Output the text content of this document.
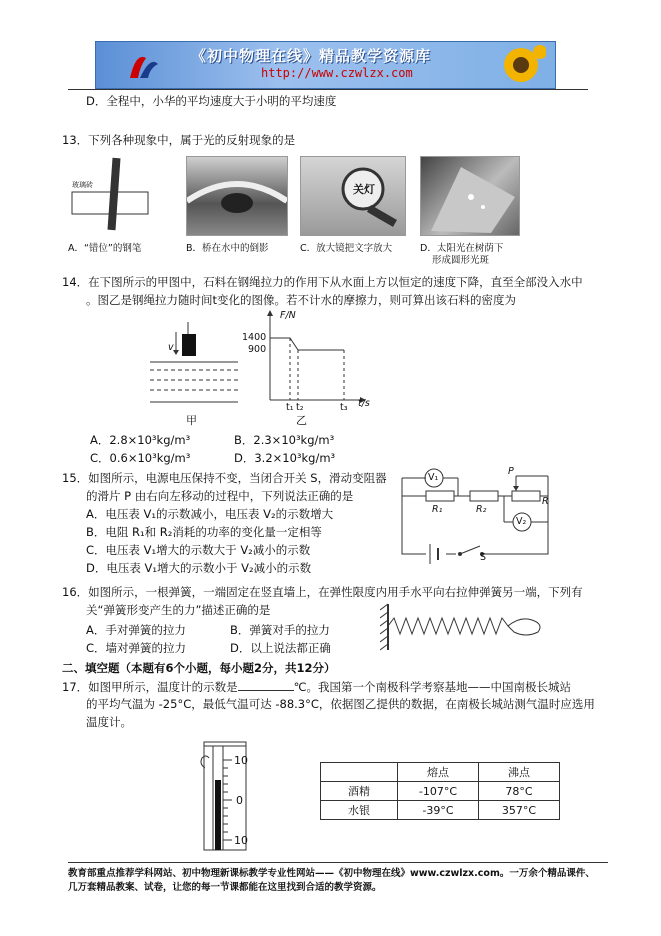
《初中物理在线》精品教学资源库
http://www.czwlzx.com
D．全程中，小华的平均速度大于小明的平均速度
13．下列各种现象中，属于光的反射现象的是
玻璃砖	关灯
A．“错位”的钢笔	B．桥在水中的倒影	C．放大镜把文字放大	D．太阳光在树荫下
形成圆形光斑
14．在下图所示的甲图中，石料在钢绳拉力的作用下从水面上方以恒定的速度下降，直至全部没入水中
。图乙是钢绳拉力随时间t变化的图像。若不计水的摩擦力，则可算出该石料的密度为
v
甲
F/N
t/s
1400
900
t₁ t₂	t₃
乙
A．2.8×10³kg/m³	B．2.3×10³kg/m³
C．0.6×10³kg/m³	D．3.2×10³kg/m³
15．如图所示，电源电压保持不变，当闭合开关 S，滑动变阻器
的滑片 P 由右向左移动的过程中，下列说法正确的是
A．电压表 V₁的示数减小，电压表 V₂的示数增大
B．电阻 R₁和 R₂消耗的功率的变化量一定相等
C．电压表 V₁增大的示数大于 V₂减小的示数
D．电压表 V₁增大的示数小于 V₂减小的示数
V₁
V₂
P
R
R₁	R₂
S
16．如图所示，一根弹簧，一端固定在竖直墙上，在弹性限度内用手水平向右拉伸弹簧另一端，下列有
关“弹簧形变产生的力”描述正确的是
A．手对弹簧的拉力	B．弹簧对手的拉力
C．墙对弹簧的拉力	D．以上说法都正确
二、填空题（本题有6个小题，每小题2分，共12分）
17．如图甲所示，温度计的示数是	℃。我国第一个南极科学考察基地——中国南极长城站
的平均气温为 -25°C，最低气温可达 -88.3°C，依据图乙提供的数据，在南极长城站测气温时应选用
温度计。
10
0
10
	熔点	沸点
酒精	-107°C	78°C
水银	-39°C	357°C
教育部重点推荐学科网站、初中物理新课标教学专业性网站——《初中物理在线》www.czwlzx.com。一万余个精品课件、
几万套精品教案、试卷，让您的每一节课都能在这里找到合适的教学资源。
